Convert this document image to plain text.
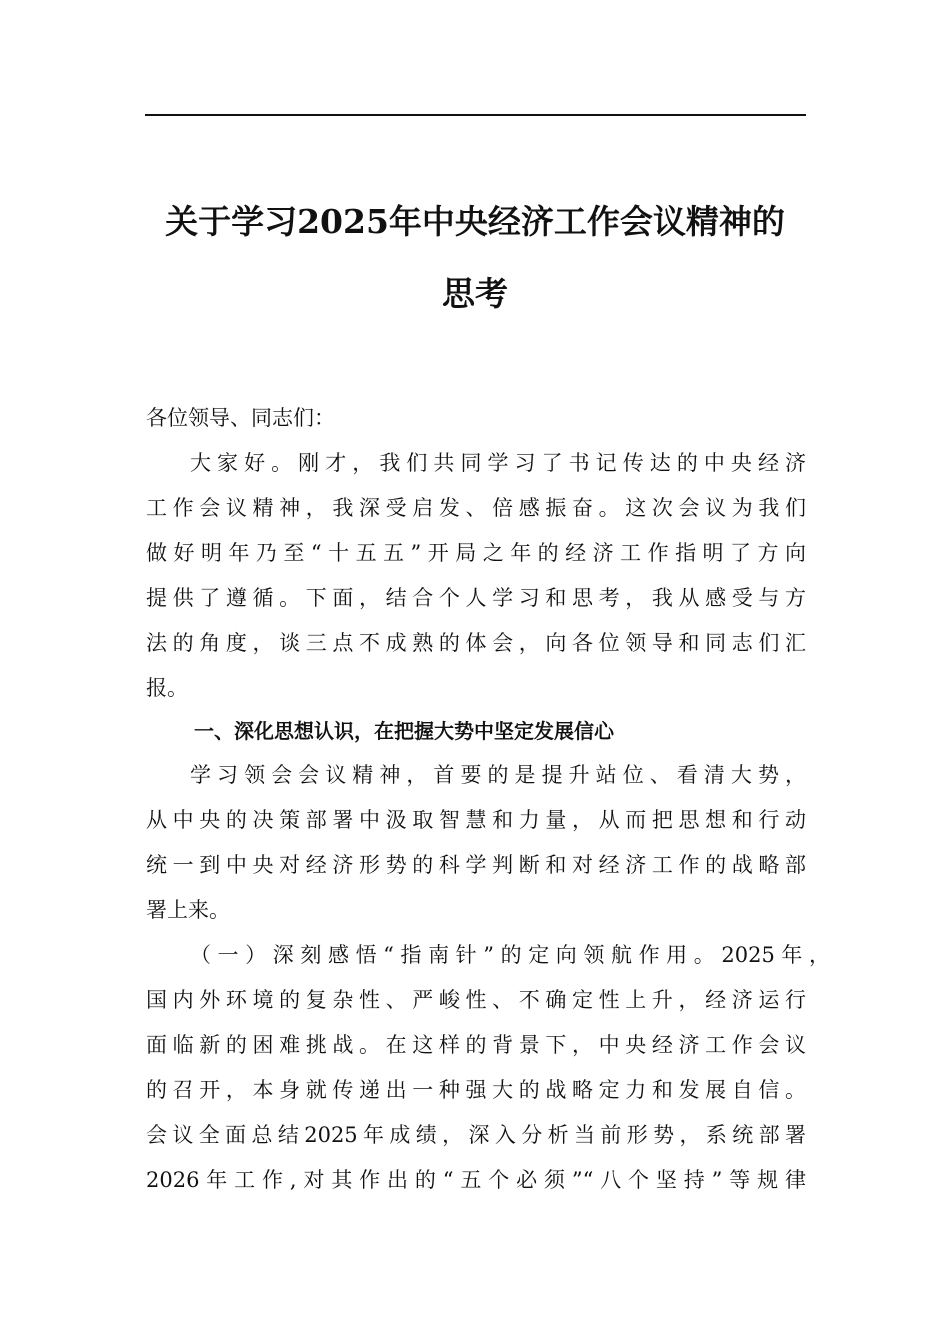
关于学习2025年中央经济工作会议精神的
思考
各位领导、同志们：
大家好。刚才，我们共同学习了书记传达的中央经济
工作会议精神，我深受启发、倍感振奋。这次会议为我们
做好明年乃至“十五五”开局之年的经济工作指明了方向
提供了遵循。下面，结合个人学习和思考，我从感受与方
法的角度，谈三点不成熟的体会，向各位领导和同志们汇
报。
一、深化思想认识，在把握大势中坚定发展信心
学习领会会议精神，首要的是提升站位、看清大势，
从中央的决策部署中汲取智慧和力量，从而把思想和行动
统一到中央对经济形势的科学判断和对经济工作的战略部
署上来。
（一）深刻感悟“指南针”的定向领航作用。2025年，
国内外环境的复杂性、严峻性、不确定性上升，经济运行
面临新的困难挑战。在这样的背景下，中央经济工作会议
的召开，本身就传递出一种强大的战略定力和发展自信。
会议全面总结2025年成绩，深入分析当前形势，系统部署
2026年工作,对其作出的“五个必须”“八个坚持”等规律
